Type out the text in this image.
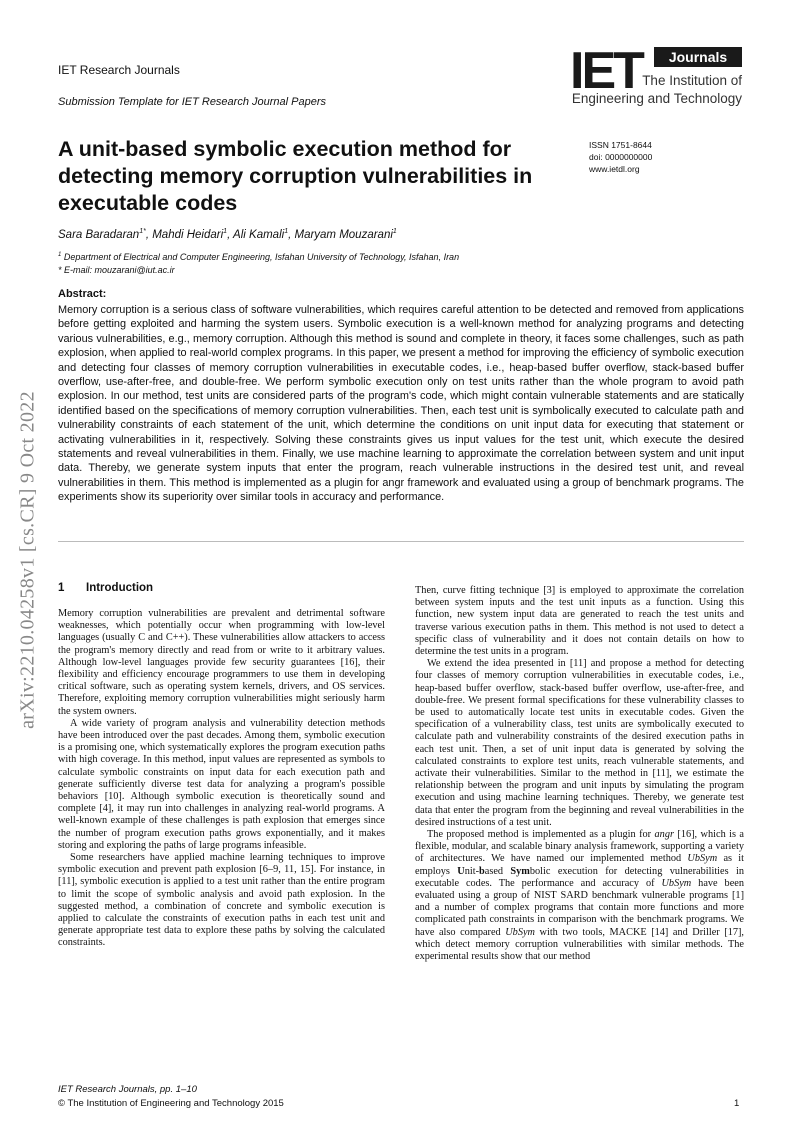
IET Research Journals
Submission Template for IET Research Journal Papers
IET	Journals
The Institution of
Engineering and Technology
A unit-based symbolic execution method for detecting memory corruption vulnerabilities in executable codes
ISSN 1751-8644
doi: 0000000000
www.ietdl.org
Sara Baradaran$^{1*}$, Mahdi Heidari$^1$, Ali Kamali$^1$, Maryam Mouzarani$^1$
$^1$ Department of Electrical and Computer Engineering, Isfahan University of Technology, Isfahan, Iran
* E-mail: mouzarani@iut.ac.ir
Abstract:
Memory corruption is a serious class of software vulnerabilities, which requires careful attention to be detected and removed from applications before getting exploited and harming the system users. Symbolic execution is a well-known method for analyzing programs and detecting various vulnerabilities, e.g., memory corruption. Although this method is sound and complete in theory, it faces some challenges, such as path explosion, when applied to real-world complex programs. In this paper, we present a method for improving the efficiency of symbolic execution and detecting four classes of memory corruption vulnerabilities in executable codes, i.e., heap-based buffer overflow, stack-based buffer overflow, use-after-free, and double-free. We perform symbolic execution only on test units rather than the whole program to avoid path explosion. In our method, test units are considered parts of the program's code, which might contain vulnerable statements and are statically identified based on the specifications of memory corruption vulnerabilities. Then, each test unit is symbolically executed to calculate path and vulnerability constraints of each statement of the unit, which determine the conditions on unit input data for executing that statement or activating vulnerabilities in it, respectively. Solving these constraints gives us input values for the test unit, which execute the desired statements and reveal vulnerabilities in them. Finally, we use machine learning to approximate the correlation between system and unit input data. Thereby, we generate system inputs that enter the program, reach vulnerable instructions in the desired test unit, and reveal vulnerabilities in them. This method is implemented as a plugin for angr framework and evaluated using a group of benchmark programs. The experiments show its superiority over similar tools in accuracy and performance.
arXiv:2210.04258v1 [cs.CR] 9 Oct 2022 1 Introduction

Memory corruption vulnerabilities are prevalent and detrimental software weaknesses, which potentially occur when programming with low-level languages (usually C and C++). These vulnerabilities allow attackers to access the program's memory directly and read from or write to it arbitrary values. Although low-level languages provide few security guarantees [16], their flexibility and efficiency encourage programmers to use them in developing critical software, such as operating system kernels, drivers, and OS services. Therefore, exploiting memory corruption vulnerabilities might seriously harm the system owners.

A wide variety of program analysis and vulnerability detection methods have been introduced over the past decades. Among them, symbolic execution is a promising one, which systematically explores the program execution paths with high coverage. In this method, input values are represented as symbols to calculate symbolic constraints on input data for each execution path and generate sufficiently diverse test data for analyzing a program's possible behaviors [10]. Although symbolic execution is theoretically sound and complete [4], it may run into challenges in analyzing real-world programs. A well-known example of these challenges is path explosion that emerges since the number of program execution paths grows exponentially, and it makes storing and exploring the paths of large programs infeasible.

Some researchers have applied machine learning techniques to improve symbolic execution and prevent path explosion [6–9, 11, 15]. For instance, in [11], symbolic execution is applied to a test unit rather than the entire program to limit the scope of symbolic analysis and avoid path explosion. In the suggested method, a combination of concrete and symbolic execution is applied to calculate the constraints of execution paths in each test unit and generate appropriate test data to explore these paths by solving the calculated constraints.

Then, curve fitting technique [3] is employed to approximate the correlation between system inputs and the test unit inputs as a function. Using this function, new system input data are generated to reach the test units and traverse various execution paths in them. This method is not used to detect a specific class of vulnerability and it does not contain details on how to determine the test units in a program.

We extend the idea presented in [11] and propose a method for detecting four classes of memory corruption vulnerabilities in executable codes, i.e., heap-based buffer overflow, stack-based buffer overflow, use-after-free, and double-free. We present formal specifications for these vulnerability classes to be used to automatically locate test units in executable codes. Given the specification of a vulnerability class, test units are symbolically executed to calculate path and vulnerability constraints of the desired execution paths in each test unit. Then, a set of unit input data is generated by solving the calculated constraints to explore test units, reach vulnerable statements, and activate their vulnerabilities. Similar to the method in [11], we estimate the relationship between the program and unit inputs by simulating the program execution and using machine learning techniques. Thereby, we generate test data that enter the program from the beginning and reveal vulnerabilities in the desired instructions of a test unit.

The proposed method is implemented as a plugin for angr [16], which is a flexible, modular, and scalable binary analysis framework, supporting a variety of architectures. We have named our implemented method UbSym as it employs Unit-based Symbolic execution for detecting vulnerabilities in executable codes. The performance and accuracy of UbSym have been evaluated using a group of NIST SARD benchmark vulnerable programs [1] and a number of complex programs that contain more functions and more complicated path constraints in comparison with the benchmark programs. We have also compared UbSym with two tools, MACKE [14] and Driller [17], which detect memory corruption vulnerabilities with similar methods. The experimental results show that our method

IET Research Journals, pp. 1–10
© The Institution of Engineering and Technology 2015	1
